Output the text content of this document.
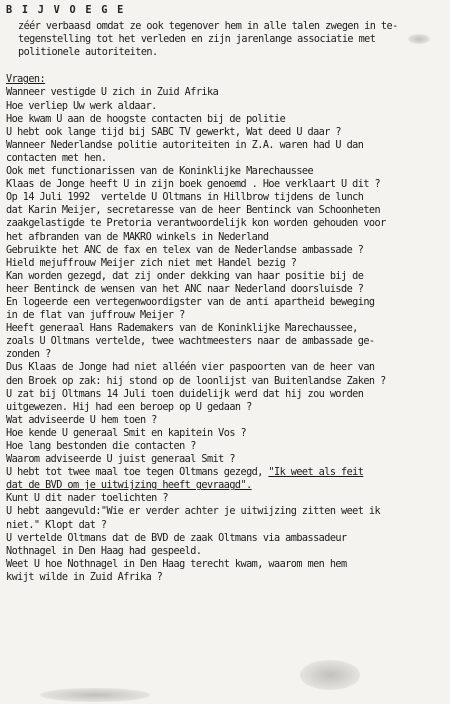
B I J V O E G E
zéér verbaasd omdat ze ook tegenover hem in alle talen zwegen in te-
tegenstelling tot het verleden en zijn jarenlange associatie met
politionele autoriteiten.
Vragen:
Wanneer vestigde U zich in Zuid Afrika
Hoe verliep Uw werk aldaar.
Hoe kwam U aan de hoogste contacten bij de politie
U hebt ook lange tijd bij SABC TV gewerkt, Wat deed U daar ?
Wanneer Nederlandse politie autoriteiten in Z.A. waren had U dan
contacten met hen.
Ook met functionarissen van de Koninklijke Marechaussee
Klaas de Jonge heeft U in zijn boek genoemd . Hoe verklaart U dit ?
Op 14 Juli 1992  vertelde U Oltmans in Hillbrow tijdens de lunch
dat Karin Meijer, secretaresse van de heer Bentinck van Schoonheten
zaakgelastigde te Pretoria verantwoordelijk kon worden gehouden voor
het afbranden van de MAKRO winkels in Nederland
Gebruikte het ANC de fax en telex van de Nederlandse ambassade ?
Hield mejuffrouw Meijer zich niet met Handel bezig ?
Kan worden gezegd, dat zij onder dekking van haar positie bij de
heer Bentinck de wensen van het ANC naar Nederland doorsluisde ?
En logeerde een vertegenwoordigster van de anti apartheid beweging
in de flat van juffrouw Meijer ?
Heeft generaal Hans Rademakers van de Koninklijke Marechaussee,
zoals U Oltmans vertelde, twee wachtmeesters naar de ambassade ge-
zonden ?
Dus Klaas de Jonge had niet alléén vier paspoorten van de heer van
den Broek op zak: hij stond op de loonlijst van Buitenlandse Zaken ?
U zat bij Oltmans 14 Juli toen duidelijk werd dat hij zou worden
uitgewezen. Hij had een beroep op U gedaan ?
Wat adviseerde U hem toen ?
Hoe kende U generaal Smit en kapitein Vos ?
Hoe lang bestonden die contacten ?
Waarom adviseerde U juist generaal Smit ?
U hebt tot twee maal toe tegen Oltmans gezegd, "Ik weet als feit
dat de BVD om je uitwijzing heeft gevraagd".
Kunt U dit nader toelichten ?
U hebt aangevuld:"Wie er verder achter je uitwijzing zitten weet ik
niet." Klopt dat ?
U vertelde Oltmans dat de BVD de zaak Oltmans via ambassadeur
Nothnagel in Den Haag had gespeeld.
Weet U hoe Nothnagel in Den Haag terecht kwam, waarom men hem
kwijt wilde in Zuid Afrika ?
